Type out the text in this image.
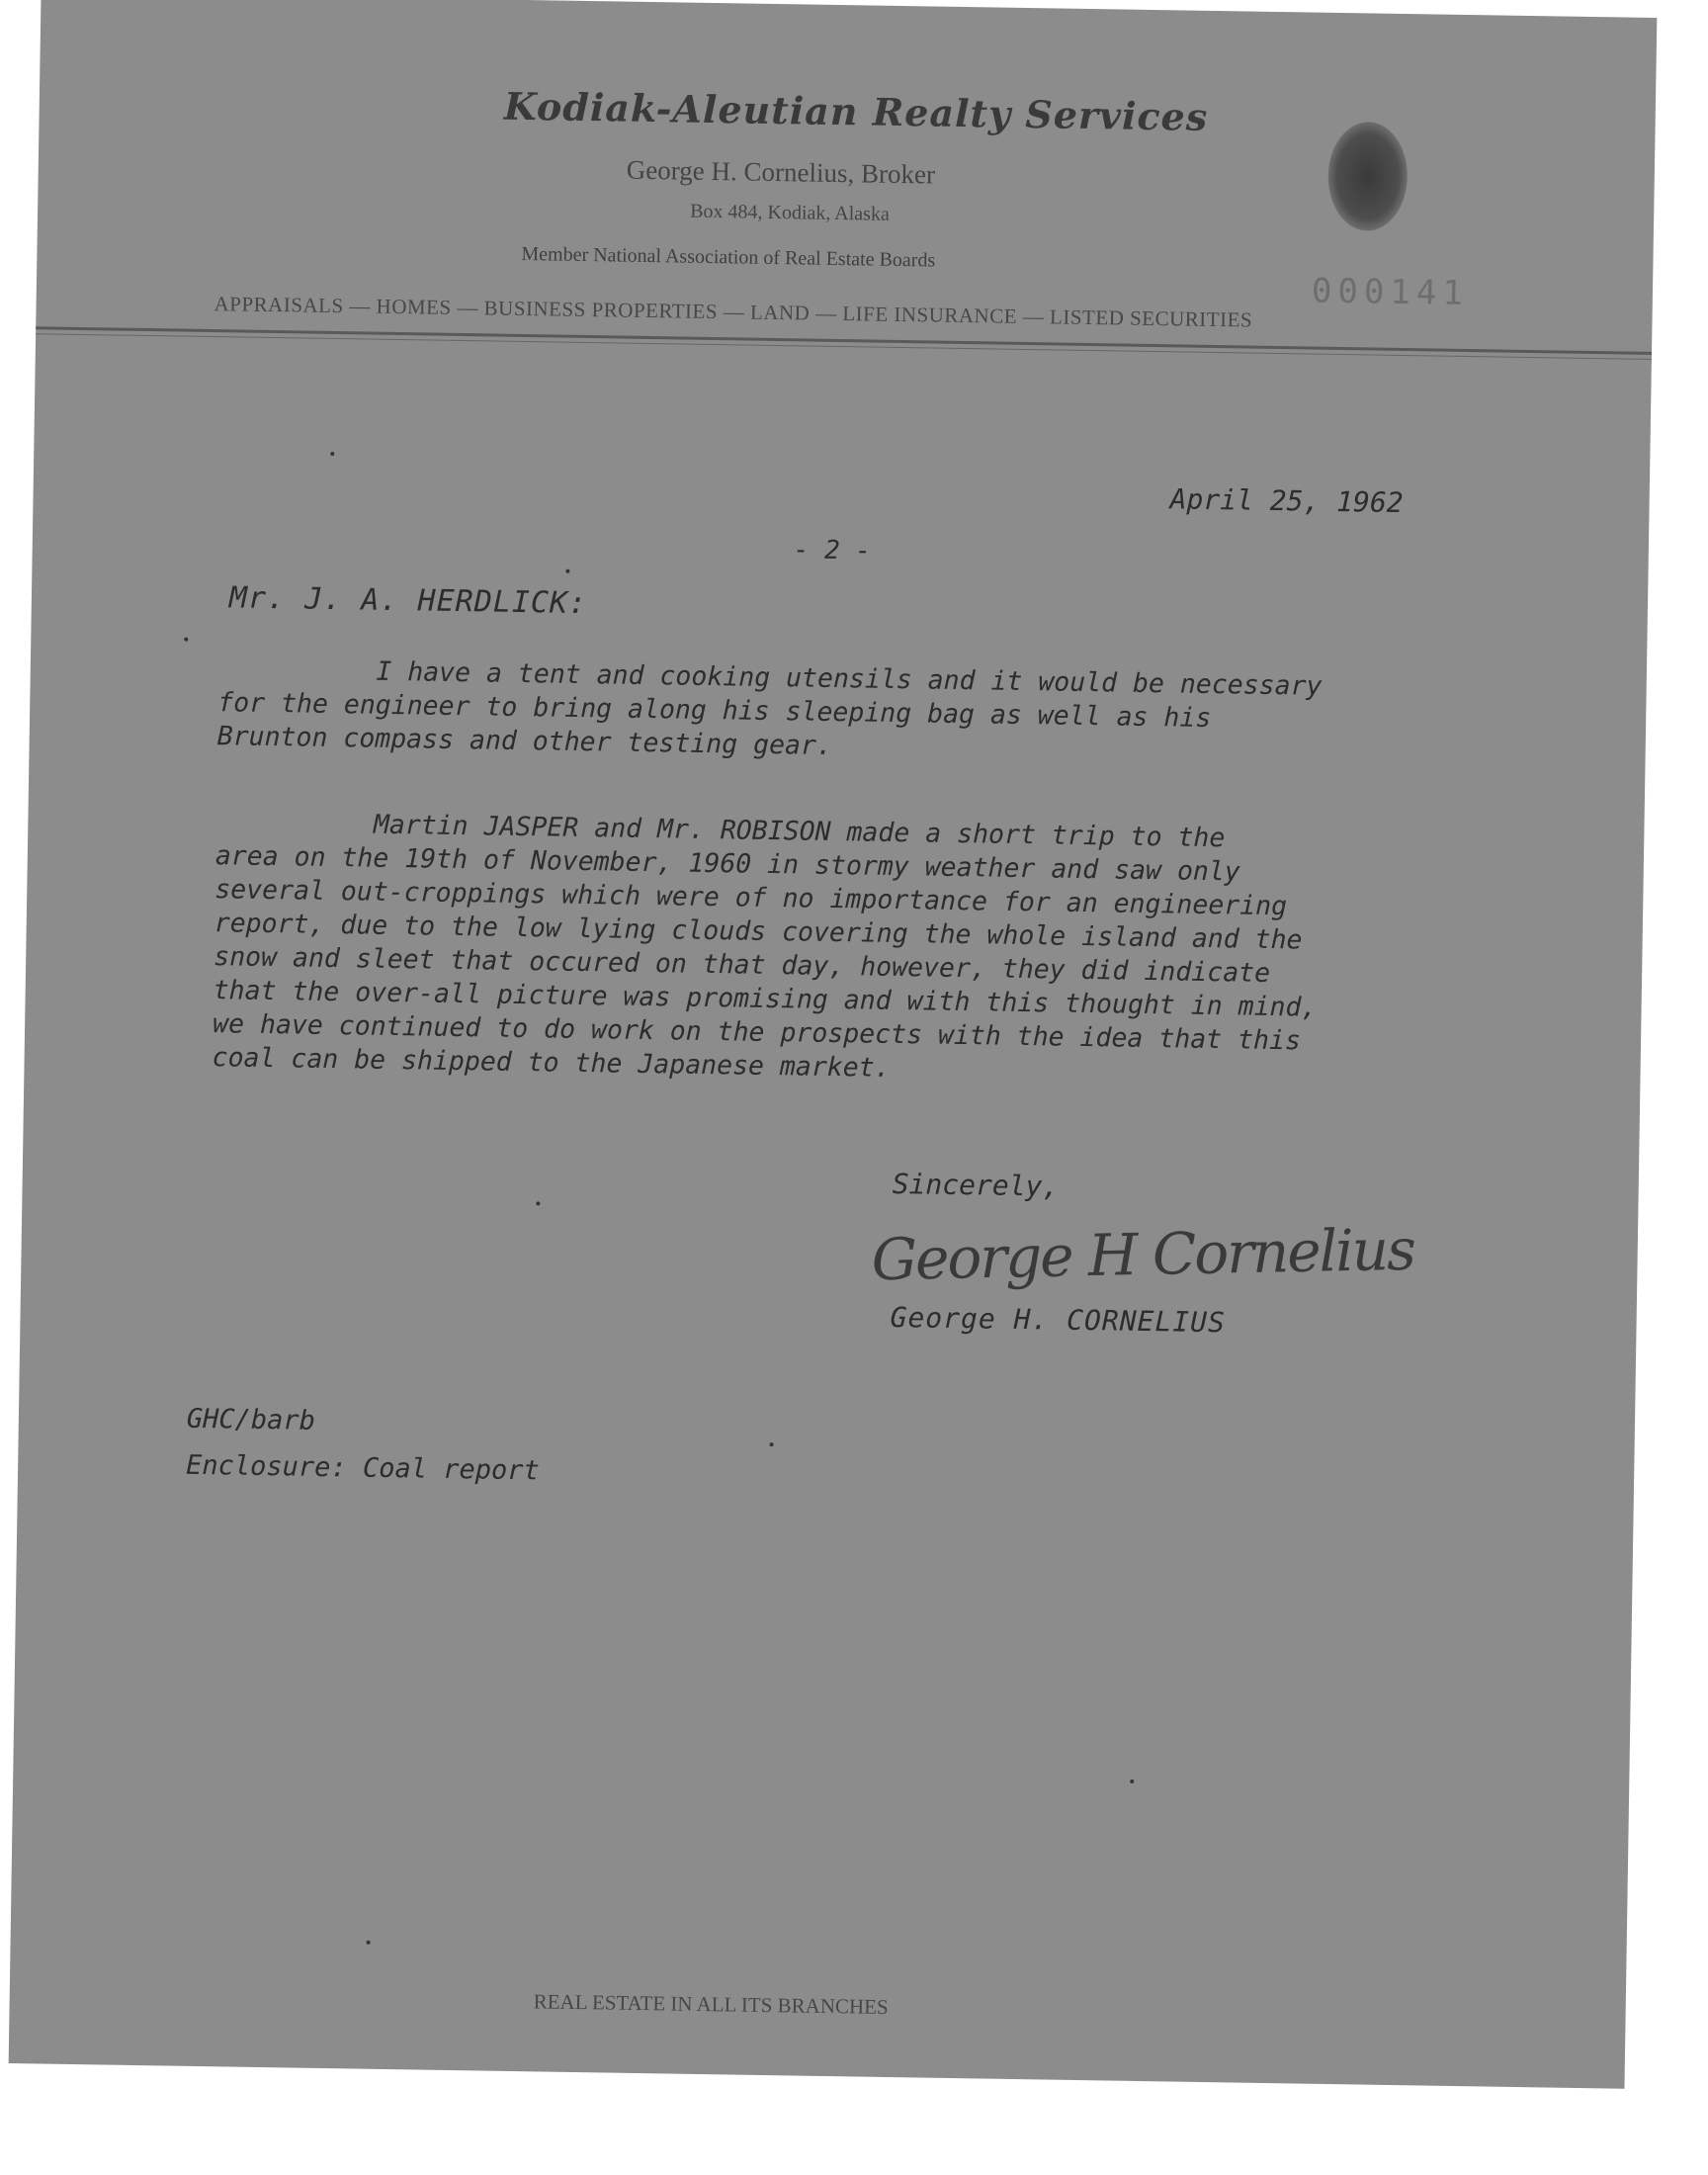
Kodiak-Aleutian Realty Services

George H. Cornelius, Broker

Box 484, Kodiak, Alaska

Member National Association of Real Estate Boards

000141

APPRAISALS — HOMES — BUSINESS PROPERTIES — LAND — LIFE INSURANCE — LISTED SECURITIES

April 25, 1962

- 2 -

Mr. J. A. HERDLICK:

I have a tent and cooking utensils and it would be necessary
for the engineer to bring along his sleeping bag as well as his
Brunton compass and other testing gear.

Martin JASPER and Mr. ROBISON made a short trip to the
area on the 19th of November, 1960 in stormy weather and saw only
several out-croppings which were of no importance for an engineering
report, due to the low lying clouds covering the whole island and the
snow and sleet that occured on that day, however, they did indicate
that the over-all picture was promising and with this thought in mind,
we have continued to do work on the prospects with the idea that this
coal can be shipped to the Japanese market.

Sincerely,

George H Cornelius

George H. CORNELIUS

GHC/barb

Enclosure: Coal report

REAL ESTATE IN ALL ITS BRANCHES
